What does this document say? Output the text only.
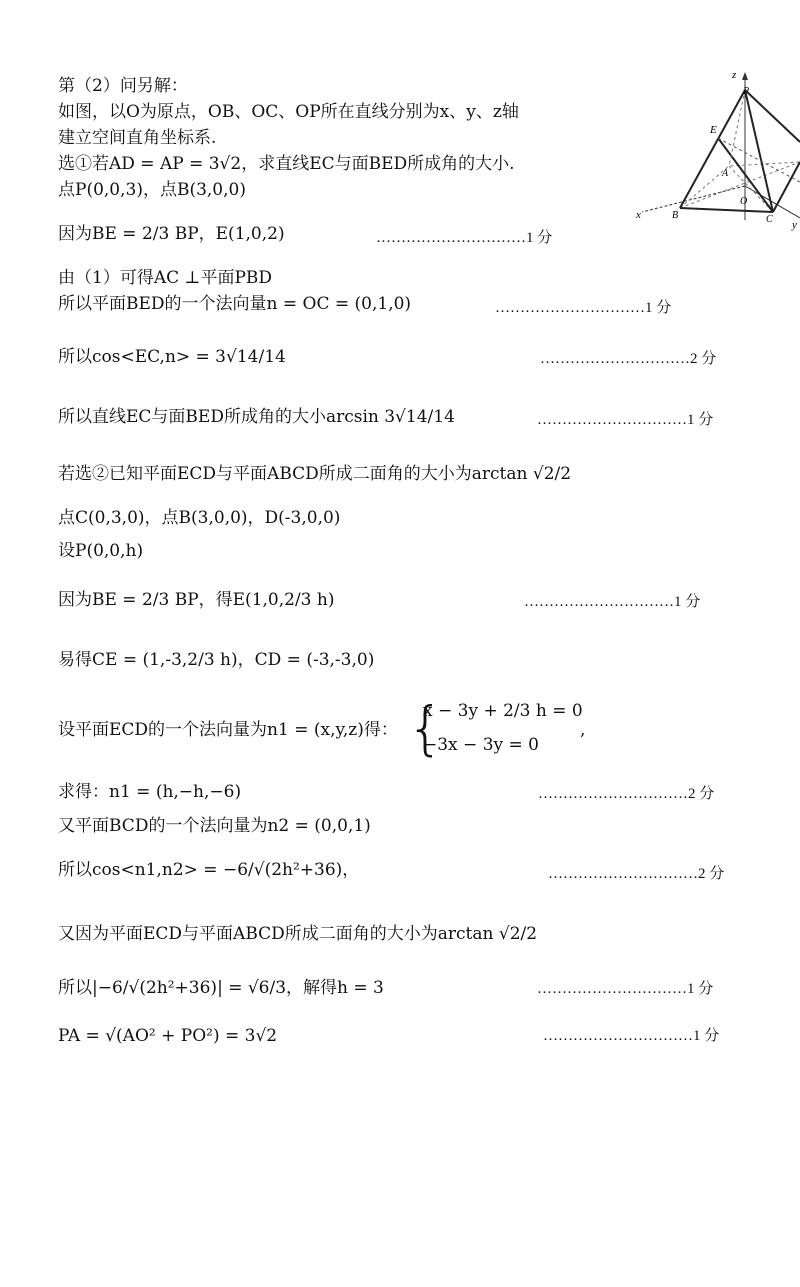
第（2）问另解：
如图，以O为原点，OB、OC、OP所在直线分别为x、y、z轴
建立空间直角坐标系.
选①若AD = AP = 3√2，求直线EC与面BED所成角的大小.
点P(0,0,3)，点B(3,0,0)
因为BE = 2/3 BP，E(1,0,2)	…………………………1 分
由（1）可得AC ⊥平面PBD
所以平面BED的一个法向量n = OC = (0,1,0)	…………………………1 分
所以cos<EC,n> = 3√14/14	…………………………2 分
所以直线EC与面BED所成角的大小arcsin 3√14/14	…………………………1 分
若选②已知平面ECD与平面ABCD所成二面角的大小为arctan √2/2
点C(0,3,0)，点B(3,0,0)，D(-3,0,0)
设P(0,0,h)
因为BE = 2/3 BP，得E(1,0,2/3 h)	…………………………1 分
易得CE = (1,-3,2/3 h)，CD = (-3,-3,0)
设平面ECD的一个法向量为n1 = (x,y,z)得： {
x − 3y + 2/3 h = 0
−3x − 3y = 0
,
求得：n1 = (h,−h,−6)	…………………………2 分
又平面BCD的一个法向量为n2 = (0,0,1)
所以cos<n1,n2> = −6/√(2h²+36)，	…………………………2 分
又因为平面ECD与平面ABCD所成二面角的大小为arctan √2/2
所以|−6/√(2h²+36)| = √6/3，解得h = 3	…………………………1 分
PA = √(AO² + PO²) = 3√2	…………………………1 分
z
P
E
A
O
B	C
x
y
